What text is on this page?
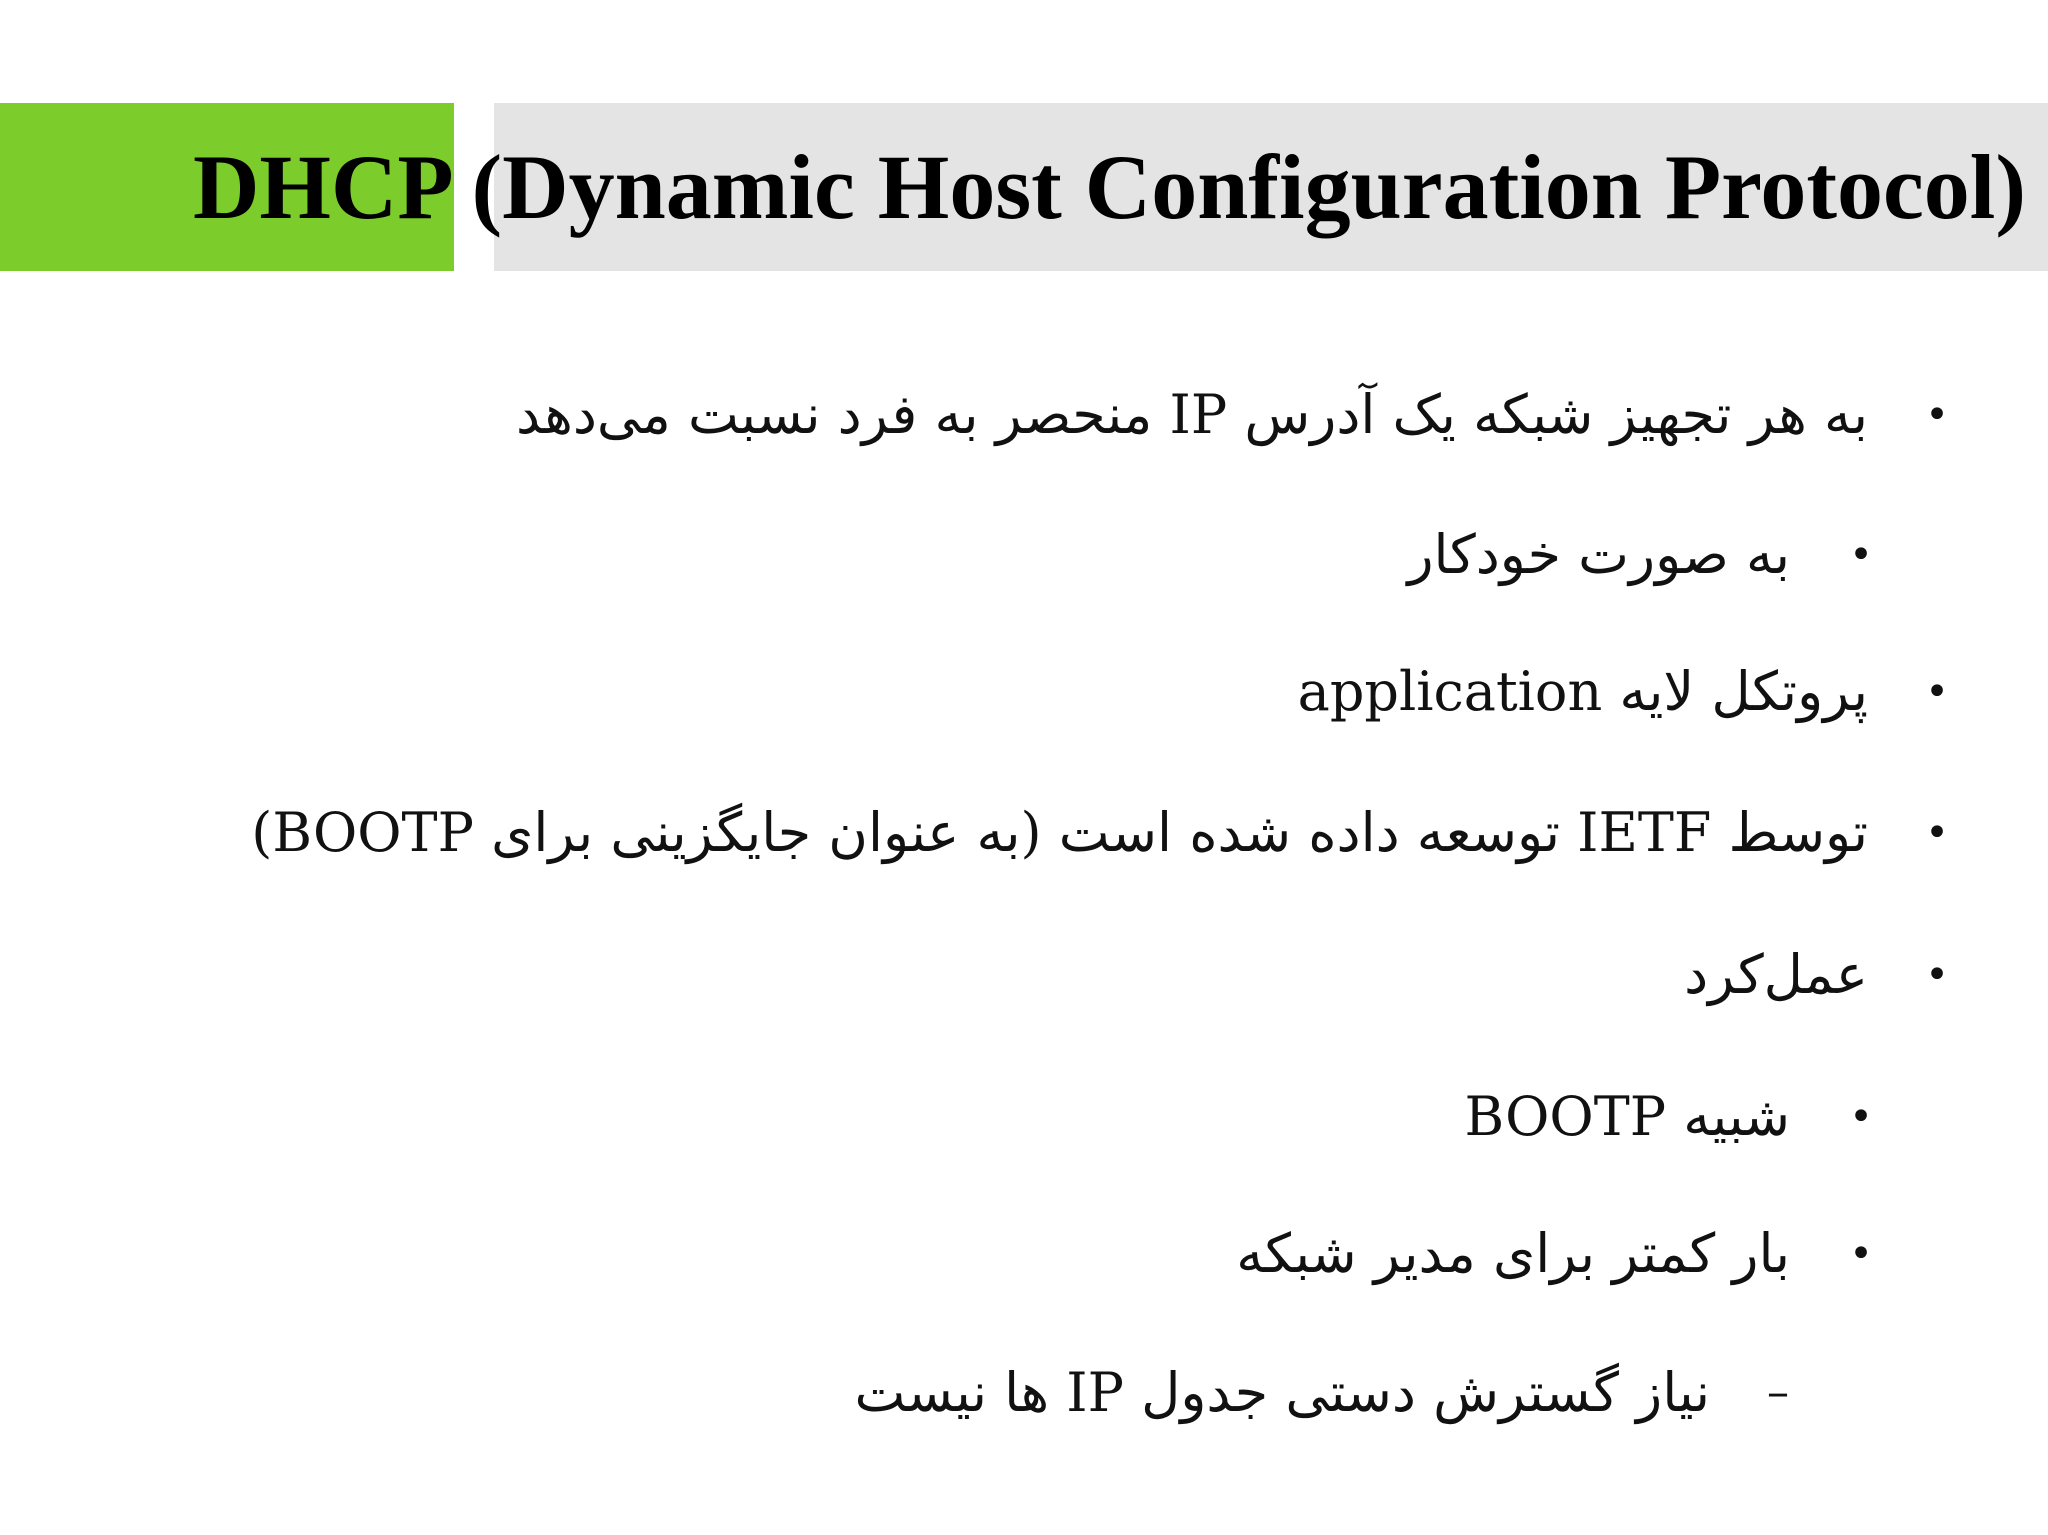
DHCP (Dynamic Host Configuration Protocol)
•
به هر تجهیز شبکه یک آدرس IP منحصر به فرد نسبت می‌دهد
•
به صورت خودکار
•
پروتکل لایه application
•
توسط IETF توسعه داده شده است (به عنوان جایگزینی برای BOOTP)
•
عمل‌کرد
•
شبیه BOOTP
•
بار کمتر برای مدیر شبکه
–
نیاز گسترش دستی جدول IP ها نیست
